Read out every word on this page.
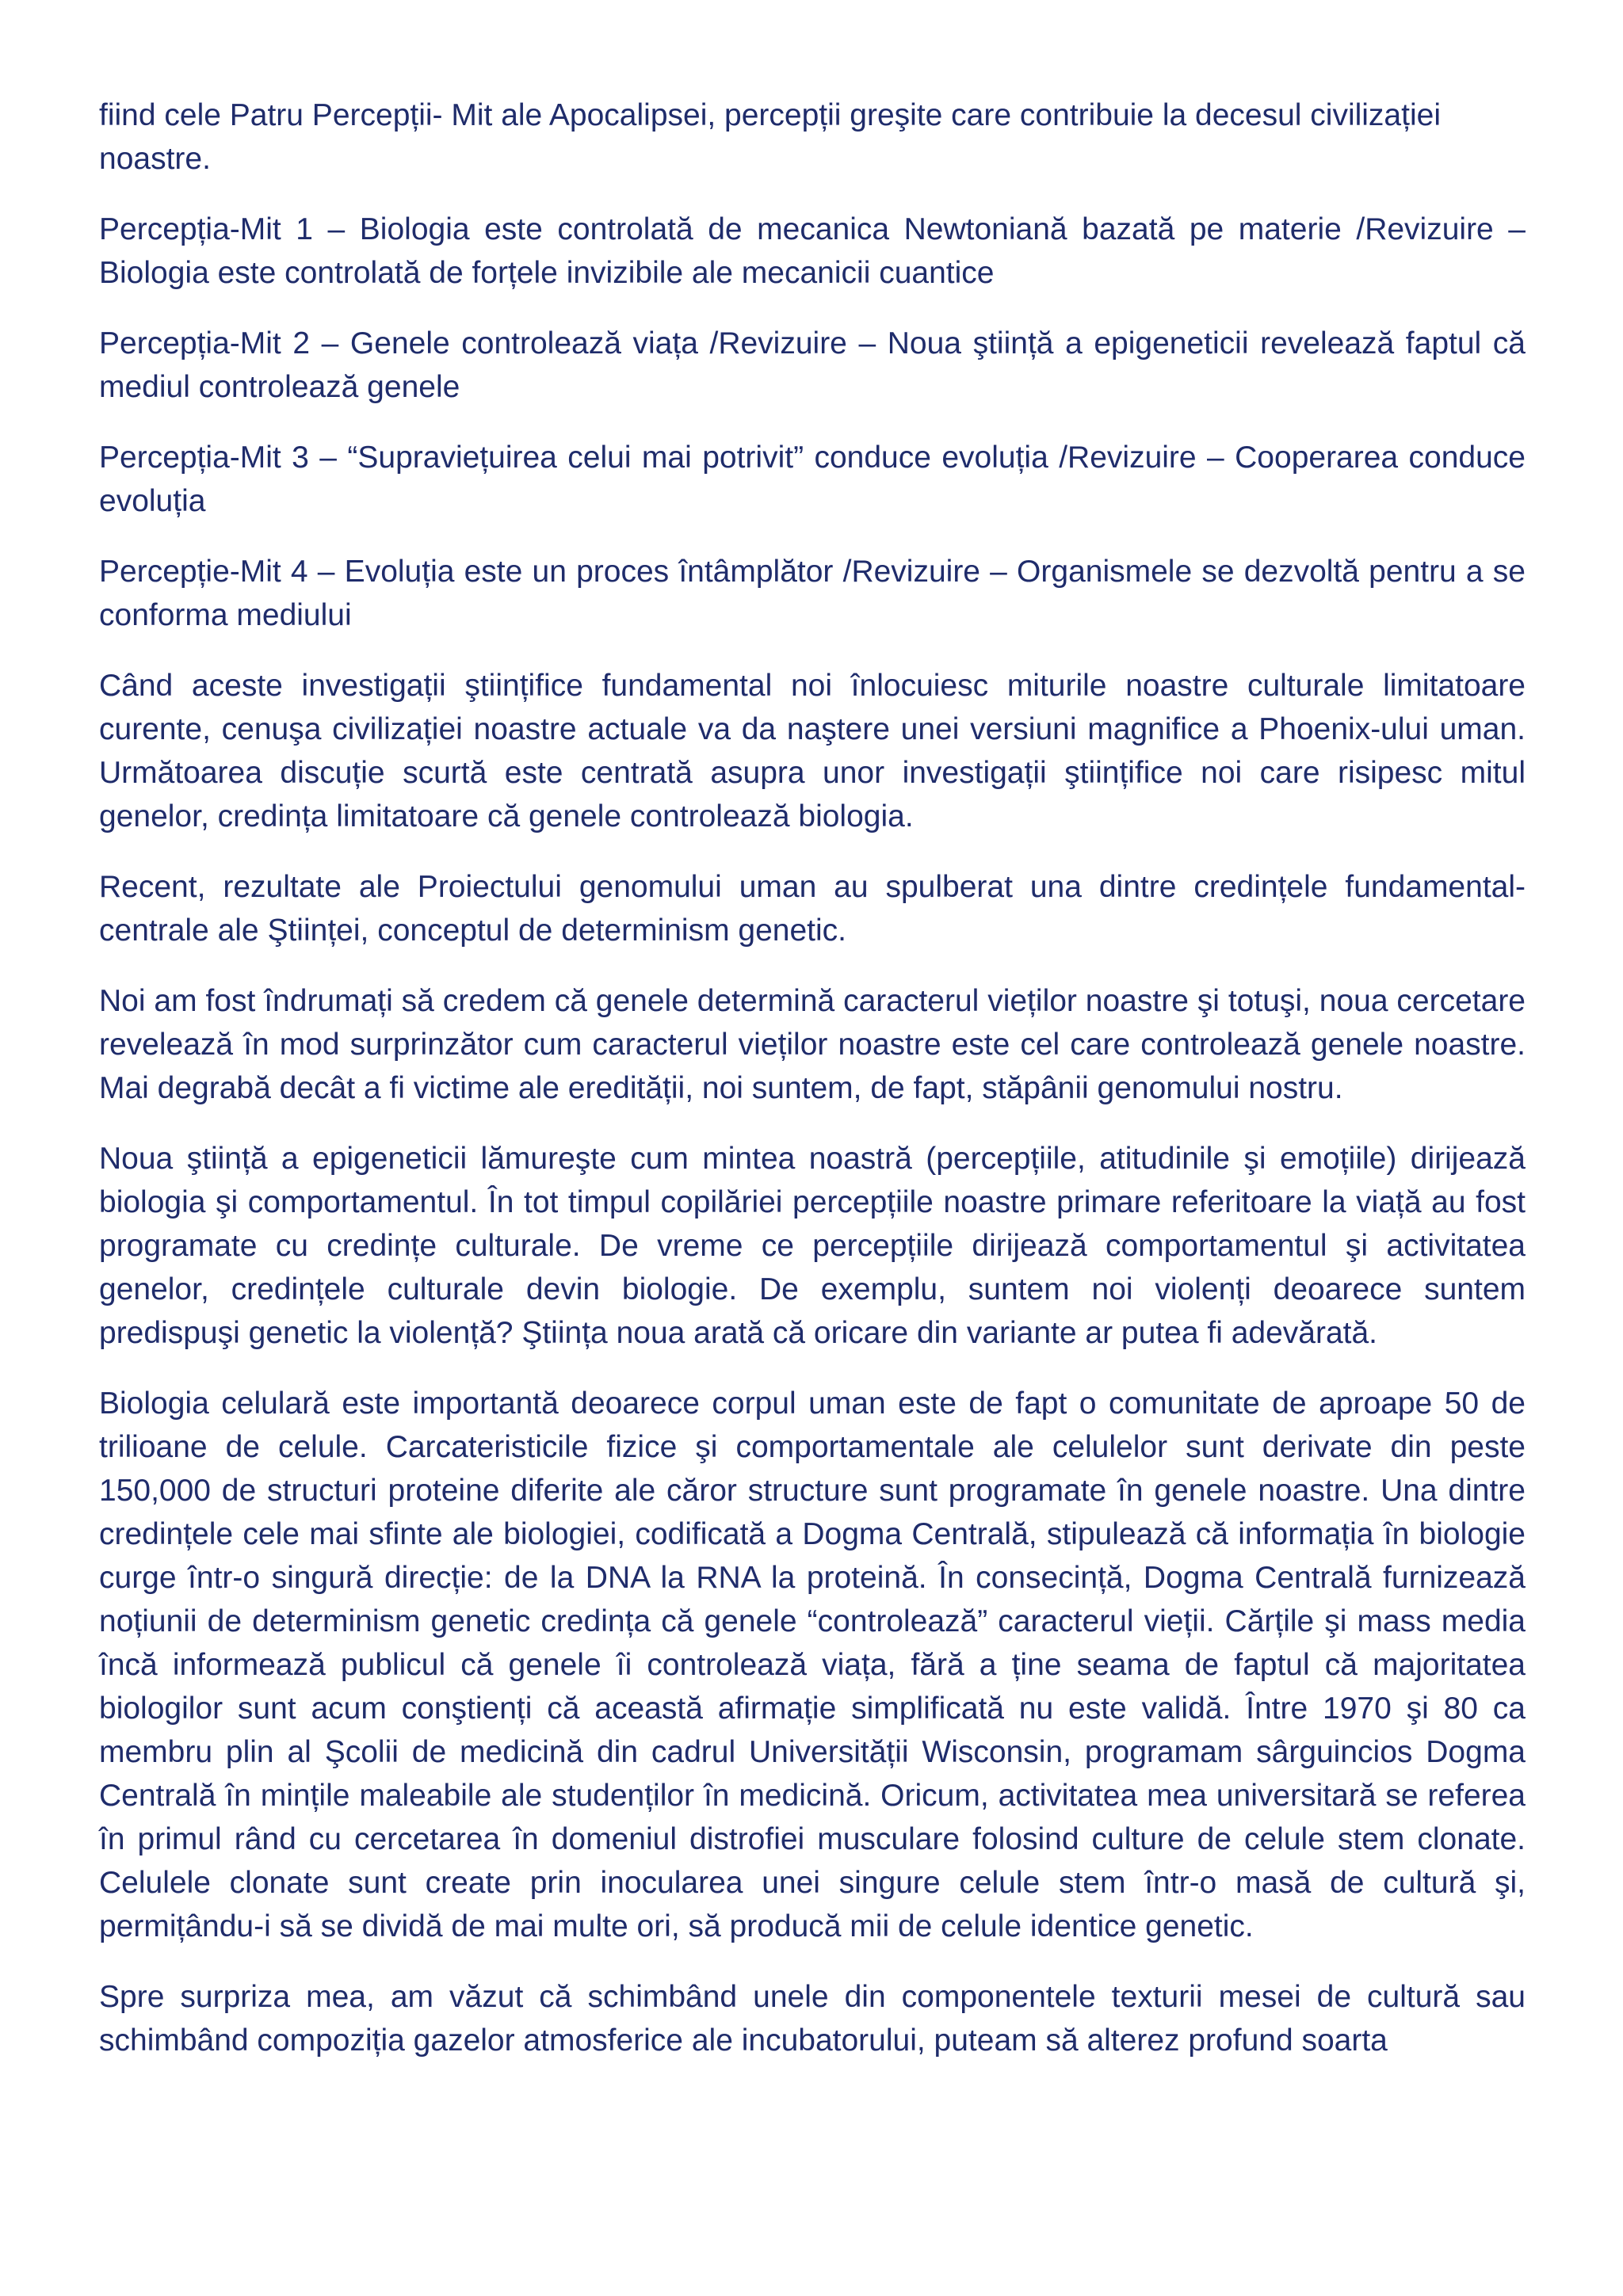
fiind cele Patru Percepții- Mit ale Apocalipsei, percepții greşite care contribuie la decesul civilizației noastre.

Percepția-Mit 1 – Biologia este controlată de mecanica Newtoniană bazată pe materie /Revizuire – Biologia este controlată de forțele invizibile ale mecanicii cuantice

Percepția-Mit 2 – Genele controlează viața /Revizuire – Noua ştiință a epigeneticii revelează faptul că mediul controlează genele

Percepția-Mit 3 – “Supraviețuirea celui mai potrivit” conduce evoluția /Revizuire – Cooperarea conduce evoluția

Percepție-Mit 4 – Evoluția este un proces întâmplător /Revizuire – Organismele se dezvoltă pentru a se conforma mediului

Când aceste investigații ştiințifice fundamental noi înlocuiesc miturile noastre culturale limitatoare curente, cenuşa civilizației noastre actuale va da naştere unei versiuni magnifice a Phoenix-ului uman. Următoarea discuție scurtă este centrată asupra unor investigații ştiințifice noi care risipesc mitul genelor, credința limitatoare că genele controlează biologia.

Recent, rezultate ale Proiectului genomului uman au spulberat una dintre credințele fundamental-centrale ale Ştiinței, conceptul de determinism genetic.

Noi am fost îndrumați să credem că genele determină caracterul vieților noastre şi totuşi, noua cercetare revelează în mod surprinzător cum caracterul vieților noastre este cel care controlează genele noastre. Mai degrabă decât a fi victime ale eredității, noi suntem, de fapt, stăpânii genomului nostru.

Noua ştiință a epigeneticii lămureşte cum mintea noastră (percepțiile, atitudinile şi emoțiile) dirijează biologia şi comportamentul. În tot timpul copilăriei percepțiile noastre primare referitoare la viață au fost programate cu credințe culturale. De vreme ce percepțiile dirijează comportamentul şi activitatea genelor, credințele culturale devin biologie. De exemplu, suntem noi violenți deoarece suntem predispuşi genetic la violență? Ştiința noua arată că oricare din variante ar putea fi adevărată.

Biologia celulară este importantă deoarece corpul uman este de fapt o comunitate de aproape 50 de trilioane de celule. Carcateristicile fizice şi comportamentale ale celulelor sunt derivate din peste 150,000 de structuri proteine diferite ale căror structure sunt programate în genele noastre. Una dintre credințele cele mai sfinte ale biologiei, codificată a Dogma Centrală, stipulează că informația în biologie curge într-o singură direcție: de la DNA la RNA la proteină. În consecință, Dogma Centrală furnizează noțiunii de determinism genetic credința că genele “controlează” caracterul vieții. Cărțile şi mass media încă informează publicul că genele îi controlează viața, fără a ține seama de faptul că majoritatea biologilor sunt acum conştienți că această afirmație simplificată nu este validă. Între 1970 şi 80 ca membru plin al Şcolii de medicină din cadrul Universității Wisconsin, programam sârguincios Dogma Centrală în mințile maleabile ale studenților în medicină. Oricum, activitatea mea universitară se referea în primul rând cu cercetarea în domeniul distrofiei musculare folosind culture de celule stem clonate. Celulele clonate sunt create prin inocularea unei singure celule stem într-o masă de cultură şi, permițându-i să se dividă de mai multe ori, să producă mii de celule identice genetic.

Spre surpriza mea, am văzut că schimbând unele din componentele texturii mesei de cultură sau schimbând compoziția gazelor atmosferice ale incubatorului, puteam să alterez profund soarta
